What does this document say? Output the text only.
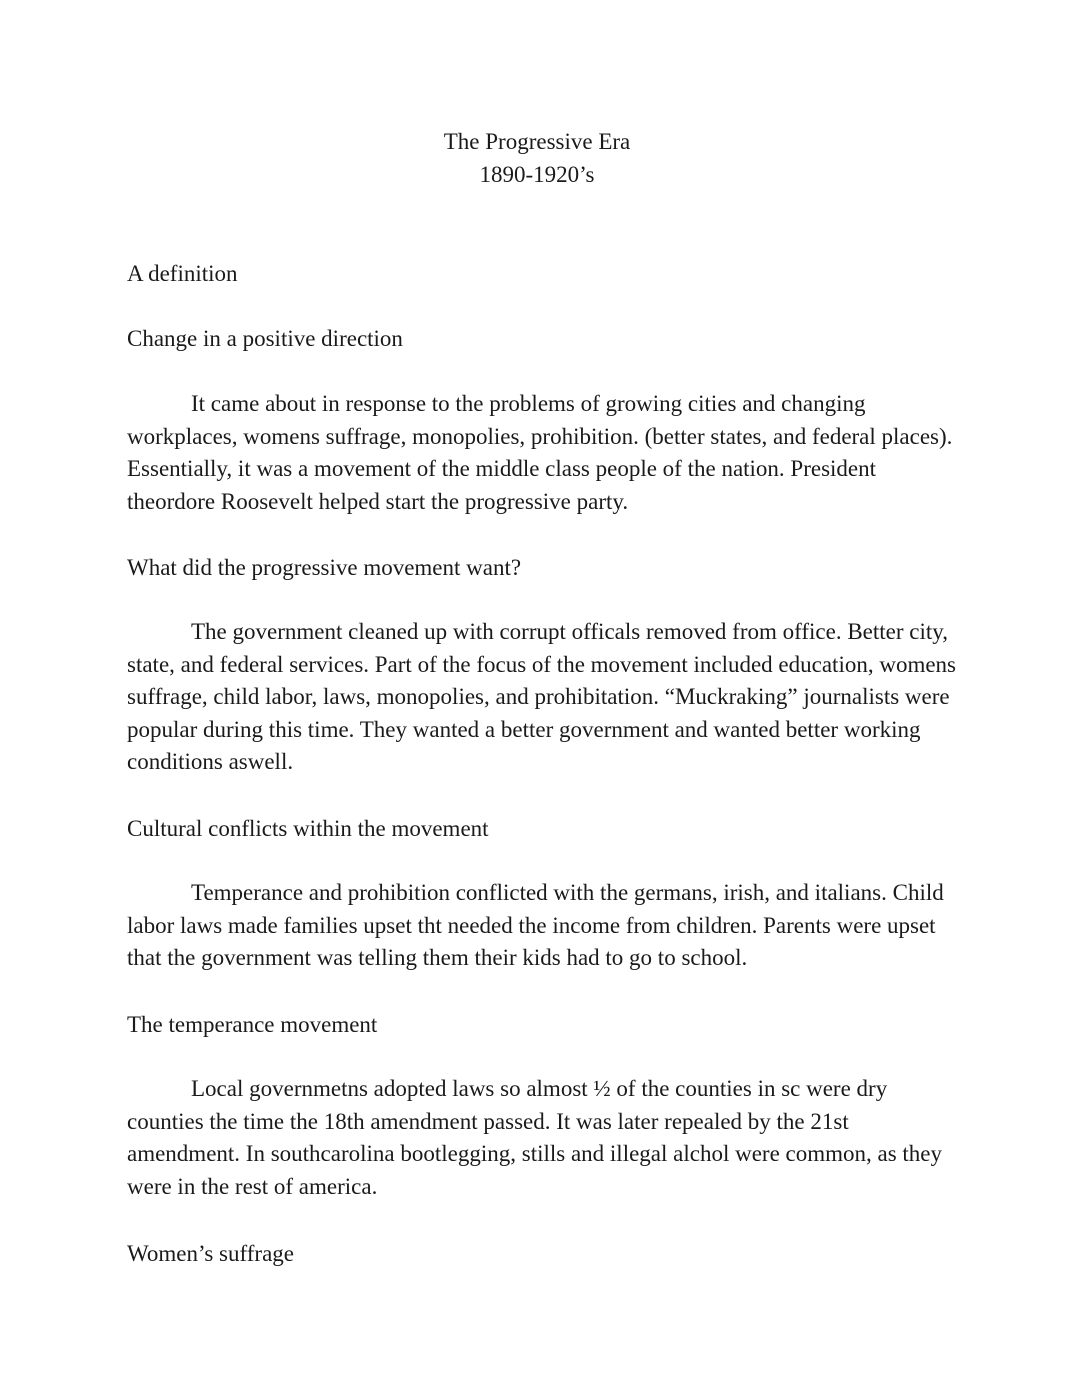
The Progressive Era
1890-1920’s
A definition
Change in a positive direction

It came about in response to the problems of growing cities and changing workplaces, womens suffrage, monopolies, prohibition. (better states, and federal places). Essentially, it was a movement of the middle class people of the nation. President theordore Roosevelt helped start the progressive party.

What did the progressive movement want?

The government cleaned up with corrupt officals removed from office. Better city, state, and federal services. Part of the focus of the movement included education, womens suffrage, child labor, laws, monopolies, and prohibitation. “Muckraking” journalists were popular during this time. They wanted a better government and wanted better working conditions aswell.

Cultural conflicts within the movement

Temperance and prohibition conflicted with the germans, irish, and italians. Child labor laws made families upset tht needed the income from children. Parents were upset that the government was telling them their kids had to go to school.

The temperance movement

Local governmetns adopted laws so almost ½ of the counties in sc were dry counties the time the 18th amendment passed. It was later repealed by the 21st amendment. In southcarolina bootlegging, stills and illegal alchol were common, as they were in the rest of america.

Women’s suffrage
